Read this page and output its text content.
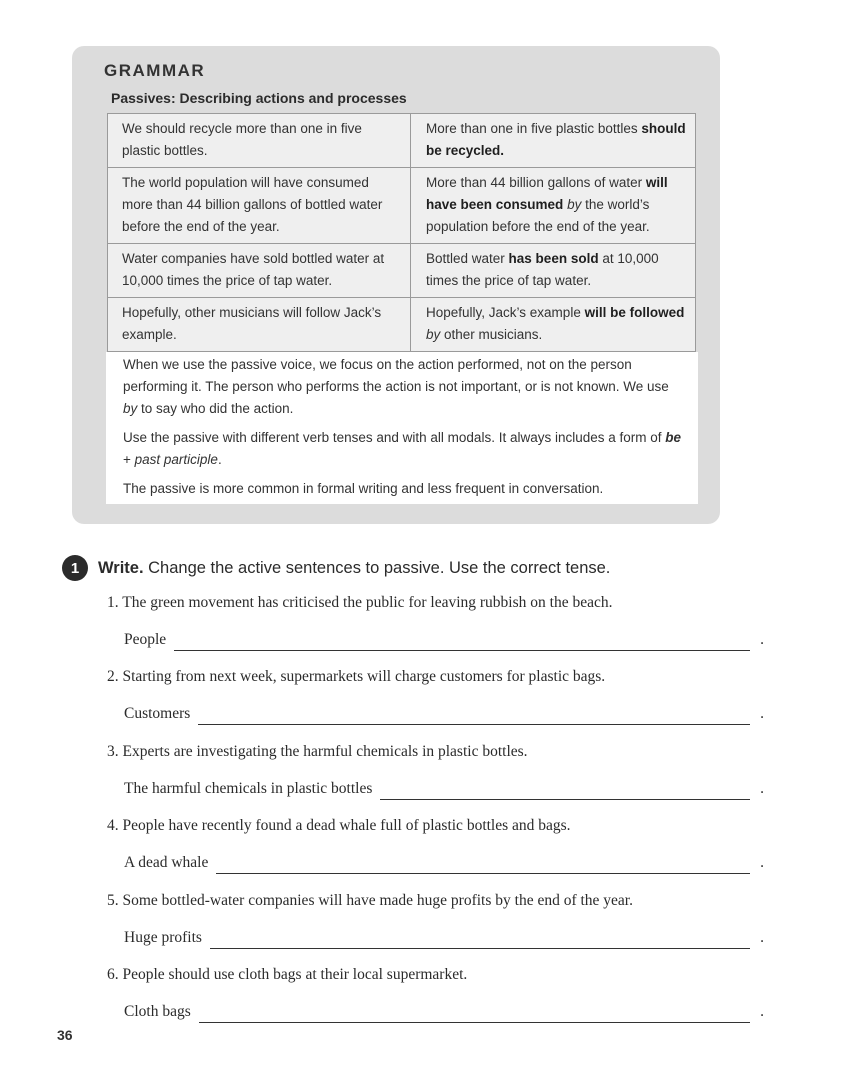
GRAMMAR
Passives: Describing actions and processes
We should recycle more than one in five plastic bottles.	More than one in five plastic bottles should be recycled.
The world population will have consumed more than 44 billion gallons of bottled water before the end of the year.	More than 44 billion gallons of water will have been consumed by the world’s population before the end of the year.
Water companies have sold bottled water at 10,000 times the price of tap water.	Bottled water has been sold at 10,000 times the price of tap water.
Hopefully, other musicians will follow Jack’s example.	Hopefully, Jack’s example will be followed by other musicians.

When we use the passive voice, we focus on the action performed, not on the person performing it. The person who performs the action is not important, or is not known. We use by to say who did the action.

Use the passive with different verb tenses and with all modals. It always includes a form of be + past participle.

The passive is more common in formal writing and less frequent in conversation.

1	Write. Change the active sentences to passive. Use the correct tense.
1. The green movement has criticised the public for leaving rubbish on the beach.
People	.
2. Starting from next week, supermarkets will charge customers for plastic bags.
Customers	.
3. Experts are investigating the harmful chemicals in plastic bottles.
The harmful chemicals in plastic bottles	.
4. People have recently found a dead whale full of plastic bottles and bags.
A dead whale	.
5. Some bottled-water companies will have made huge profits by the end of the year.
Huge profits	.
6. People should use cloth bags at their local supermarket.
Cloth bags	.
36
